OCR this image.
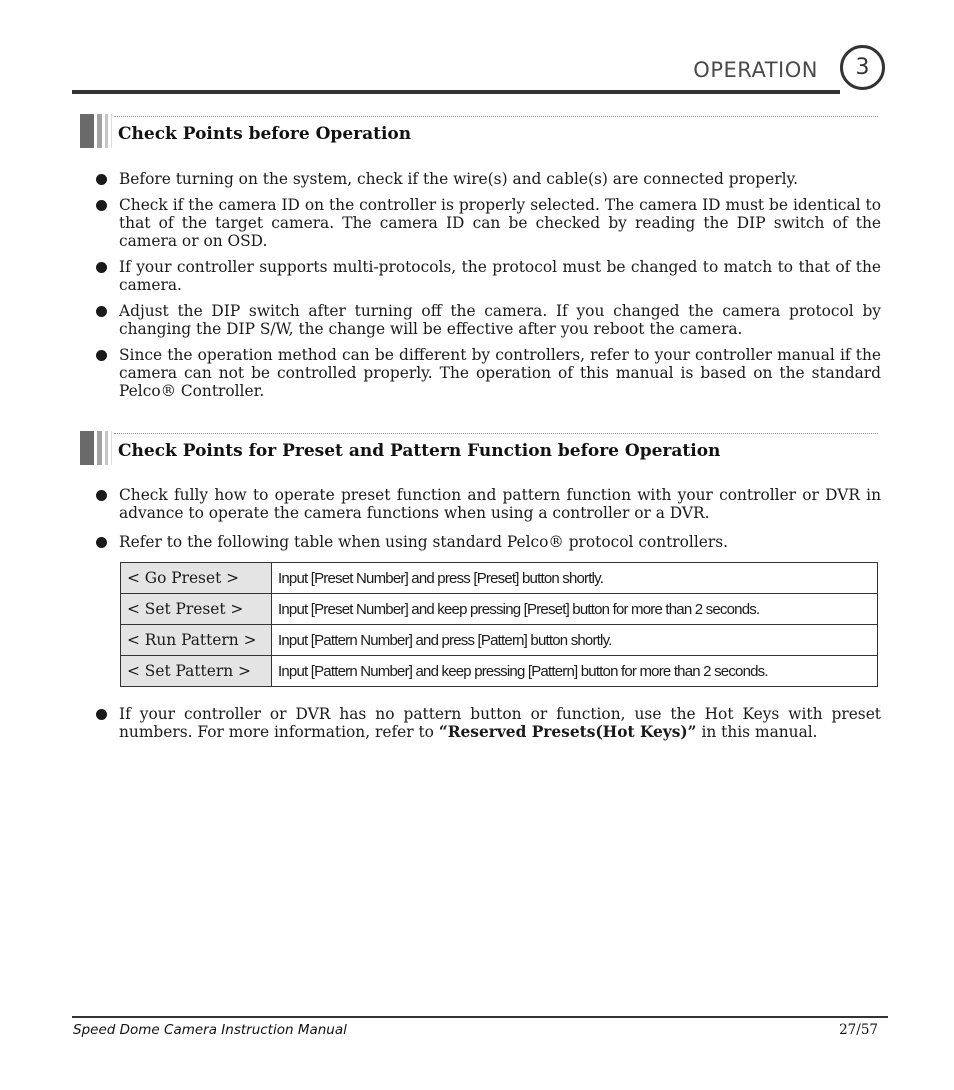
OPERATION	3
Check Points before Operation
Before turning on the system, check if the wire(s) and cable(s) are connected properly.
Check if the camera ID on the controller is properly selected. The camera ID must be identical to that of the target camera. The camera ID can be checked by reading the DIP switch of the camera or on OSD.
If your controller supports multi-protocols, the protocol must be changed to match to that of the camera.
Adjust the DIP switch after turning off the camera. If you changed the camera protocol by changing the DIP S/W, the change will be effective after you reboot the camera.
Since the operation method can be different by controllers, refer to your controller manual if the camera can not be controlled properly. The operation of this manual is based on the standard Pelco® Controller.
Check Points for Preset and Pattern Function before Operation
Check fully how to operate preset function and pattern function with your controller or DVR in advance to operate the camera functions when using a controller or a DVR.
Refer to the following table when using standard Pelco® protocol controllers.
< Go Preset >	Input [Preset Number] and press [Preset] button shortly.
< Set Preset >	Input [Preset Number] and keep pressing [Preset] button for more than 2 seconds.
< Run Pattern >	Input [Pattern Number] and press [Pattern] button shortly.
< Set Pattern >	Input [Pattern Number] and keep pressing [Pattern] button for more than 2 seconds.
If your controller or DVR has no pattern button or function, use the Hot Keys with preset numbers. For more information, refer to “Reserved Presets(Hot Keys)” in this manual.
Speed Dome Camera Instruction Manual	27/57
